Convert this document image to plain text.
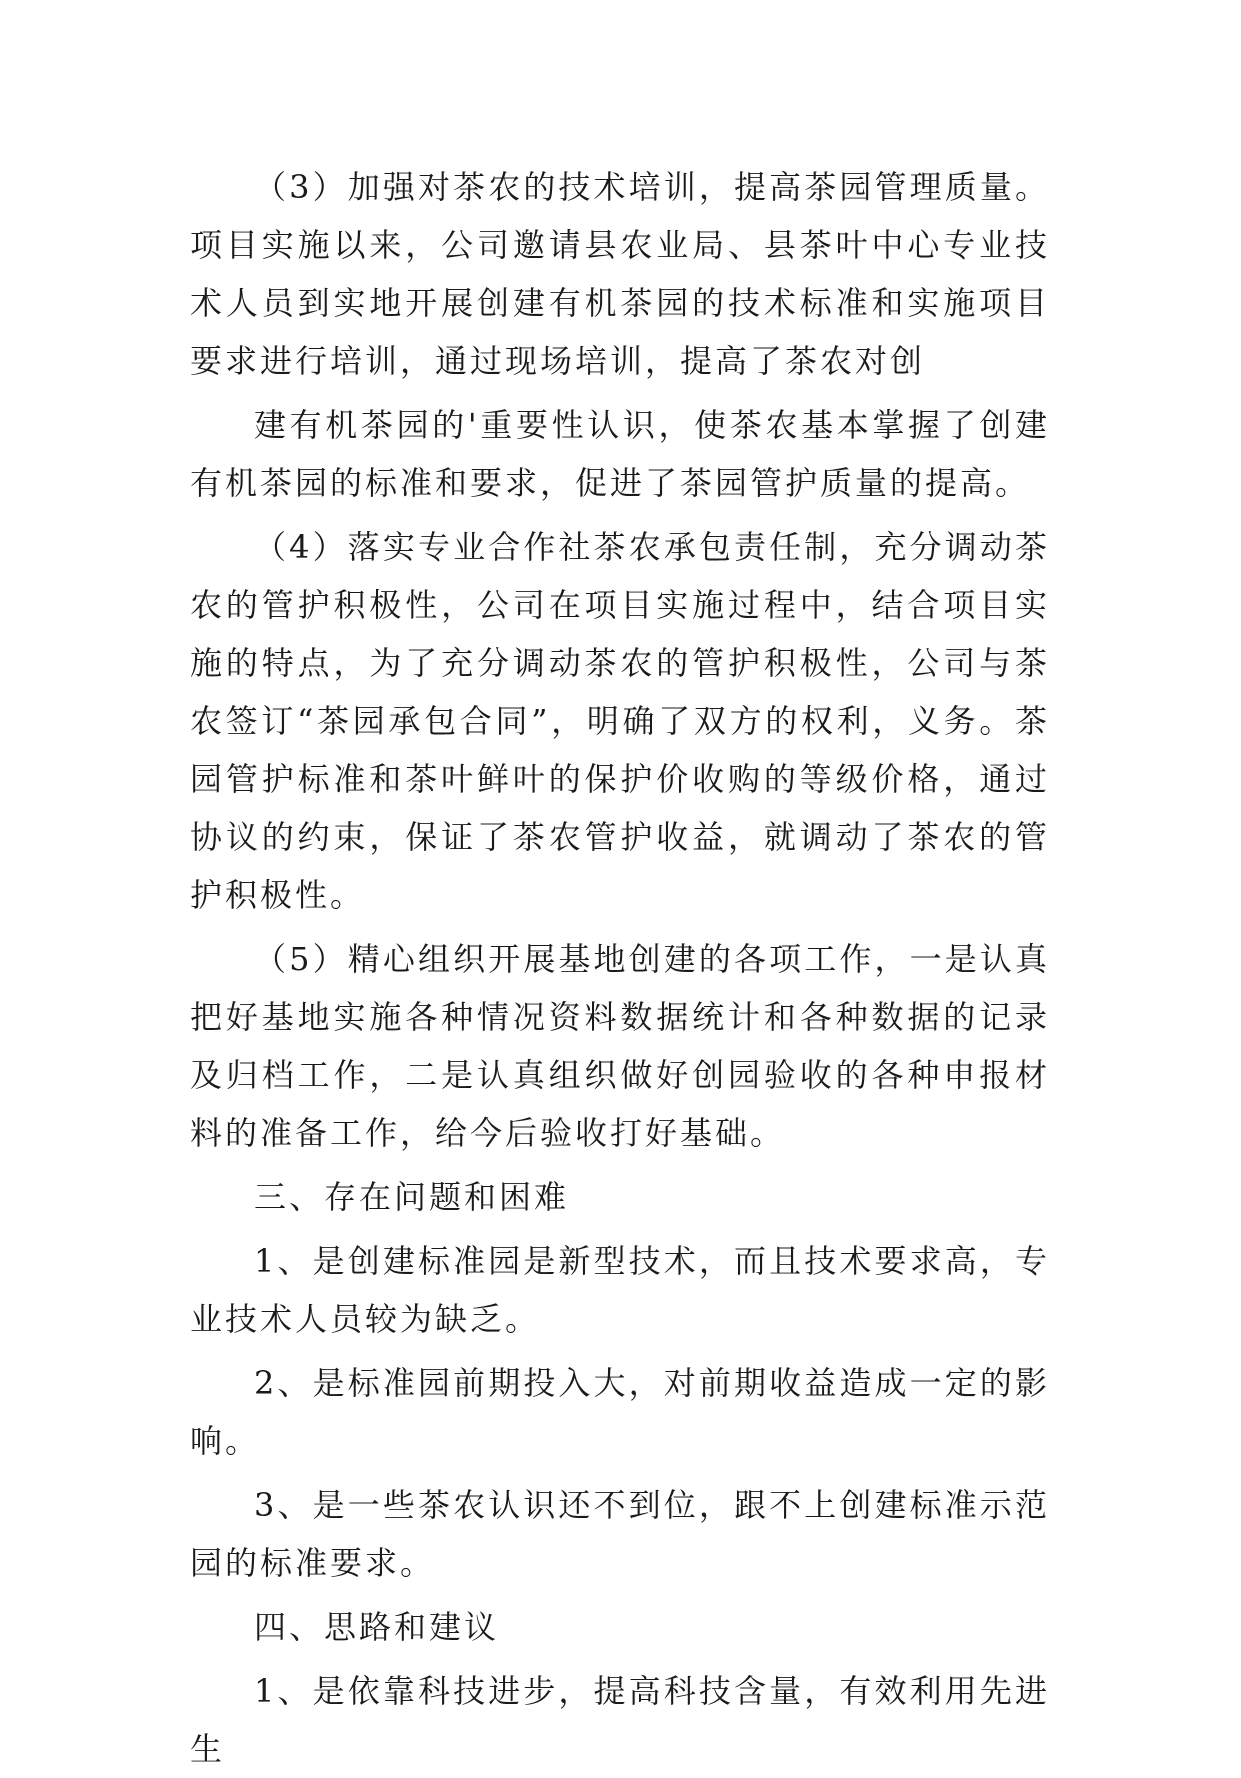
（3）加强对茶农的技术培训，提高茶园管理质量。项目实施以来，公司邀请县农业局、县茶叶中心专业技术人员到实地开展创建有机茶园的技术标准和实施项目要求进行培训，通过现场培训，提高了茶农对创

建有机茶园的'重要性认识，使茶农基本掌握了创建有机茶园的标准和要求，促进了茶园管护质量的提高。

（4）落实专业合作社茶农承包责任制，充分调动茶农的管护积极性，公司在项目实施过程中，结合项目实施的特点，为了充分调动茶农的管护积极性，公司与茶农签订“茶园承包合同”，明确了双方的权利，义务。茶园管护标准和茶叶鲜叶的保护价收购的等级价格，通过协议的约束，保证了茶农管护收益，就调动了茶农的管护积极性。

（5）精心组织开展基地创建的各项工作，一是认真把好基地实施各种情况资料数据统计和各种数据的记录及归档工作，二是认真组织做好创园验收的各种申报材料的准备工作，给今后验收打好基础。

三、存在问题和困难

1、是创建标准园是新型技术，而且技术要求高，专业技术人员较为缺乏。

2、是标准园前期投入大，对前期收益造成一定的影响。

3、是一些茶农认识还不到位，跟不上创建标准示范园的标准要求。

四、思路和建议

1、是依靠科技进步，提高科技含量，有效利用先进生
